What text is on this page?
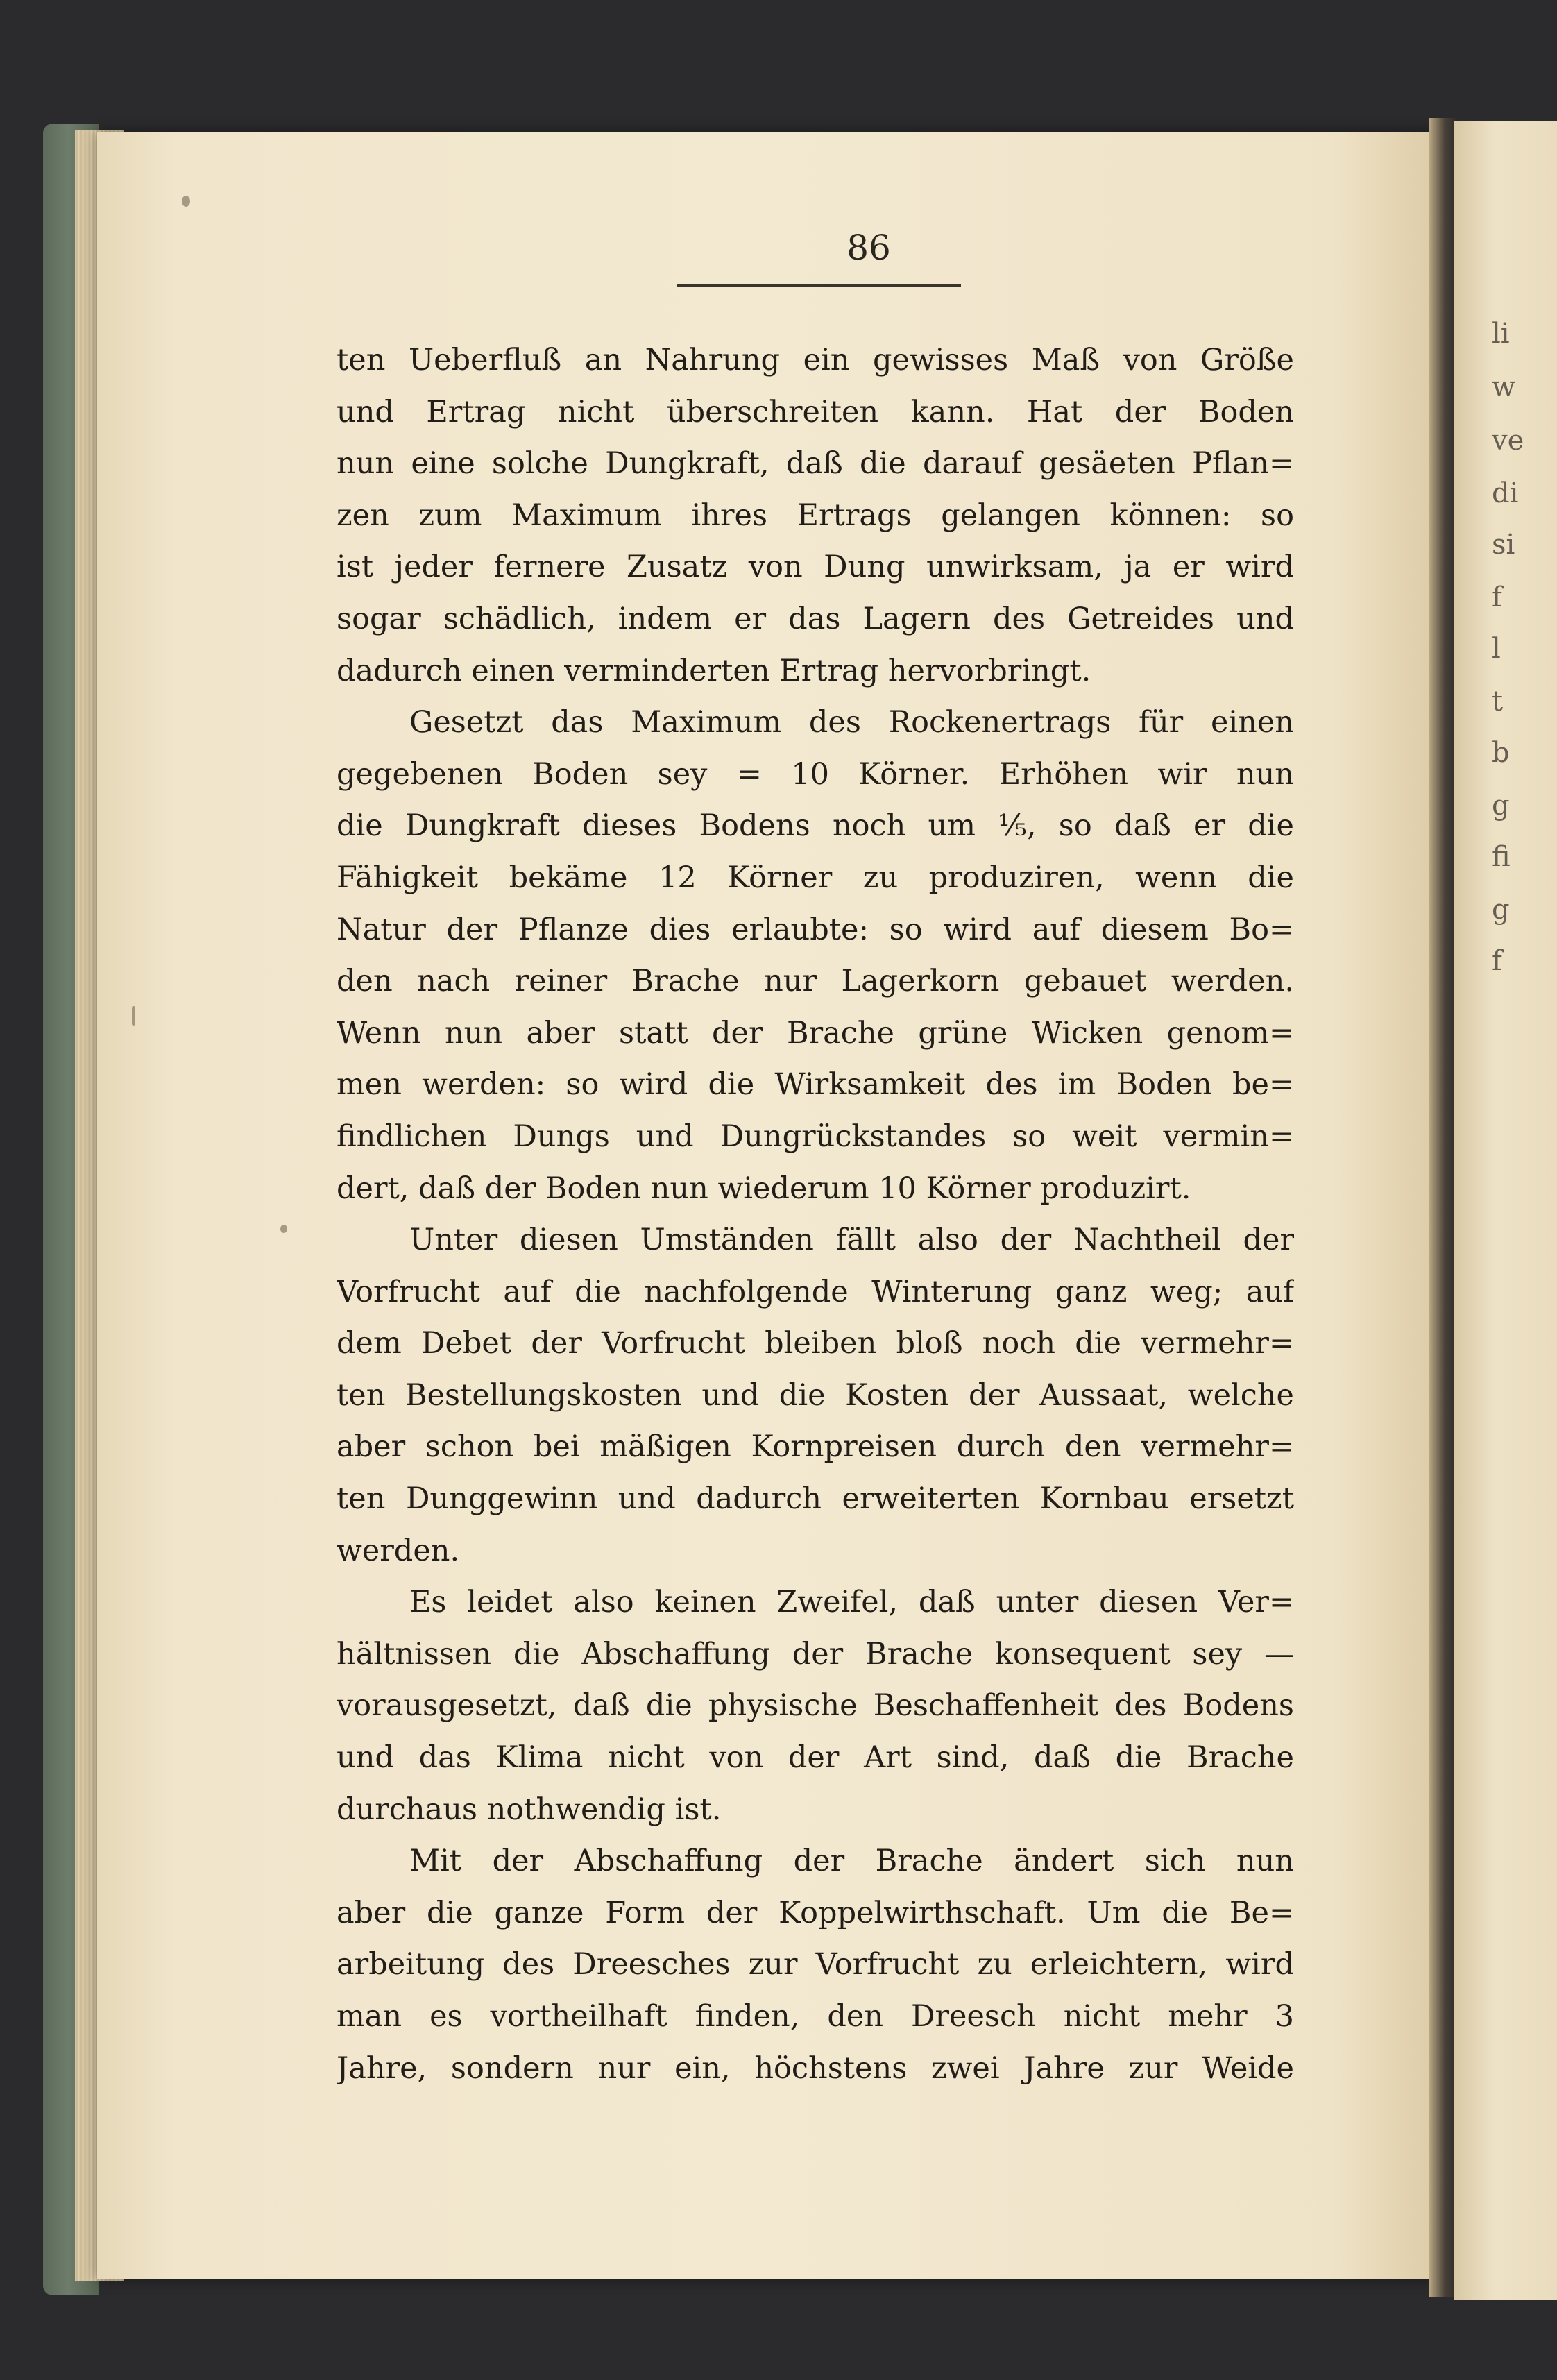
li
w
ve
di
si
f
l
t
b
g
fi
g
f
86
ten Ueberfluß an Nahrung ein gewisses Maß von Größe
und Ertrag nicht überschreiten kann. Hat der Boden
nun eine solche Dungkraft, daß die darauf gesäeten Pflan=
zen zum Maximum ihres Ertrags gelangen können: so
ist jeder fernere Zusatz von Dung unwirksam, ja er wird
sogar schädlich, indem er das Lagern des Getreides und
dadurch einen verminderten Ertrag hervorbringt.
Gesetzt das Maximum des Rockenertrags für einen
gegebenen Boden sey = 10 Körner. Erhöhen wir nun
die Dungkraft dieses Bodens noch um ⅕, so daß er die
Fähigkeit bekäme 12 Körner zu produziren, wenn die
Natur der Pflanze dies erlaubte: so wird auf diesem Bo=
den nach reiner Brache nur Lagerkorn gebauet werden.
Wenn nun aber statt der Brache grüne Wicken genom=
men werden: so wird die Wirksamkeit des im Boden be=
findlichen Dungs und Dungrückstandes so weit vermin=
dert, daß der Boden nun wiederum 10 Körner produzirt.
Unter diesen Umständen fällt also der Nachtheil der
Vorfrucht auf die nachfolgende Winterung ganz weg; auf
dem Debet der Vorfrucht bleiben bloß noch die vermehr=
ten Bestellungskosten und die Kosten der Aussaat, welche
aber schon bei mäßigen Kornpreisen durch den vermehr=
ten Dunggewinn und dadurch erweiterten Kornbau ersetzt
werden.
Es leidet also keinen Zweifel, daß unter diesen Ver=
hältnissen die Abschaffung der Brache konsequent sey —
vorausgesetzt, daß die physische Beschaffenheit des Bodens
und das Klima nicht von der Art sind, daß die Brache
durchaus nothwendig ist.
Mit der Abschaffung der Brache ändert sich nun
aber die ganze Form der Koppelwirthschaft. Um die Be=
arbeitung des Dreesches zur Vorfrucht zu erleichtern, wird
man es vortheilhaft finden, den Dreesch nicht mehr 3
Jahre, sondern nur ein, höchstens zwei Jahre zur Weide
